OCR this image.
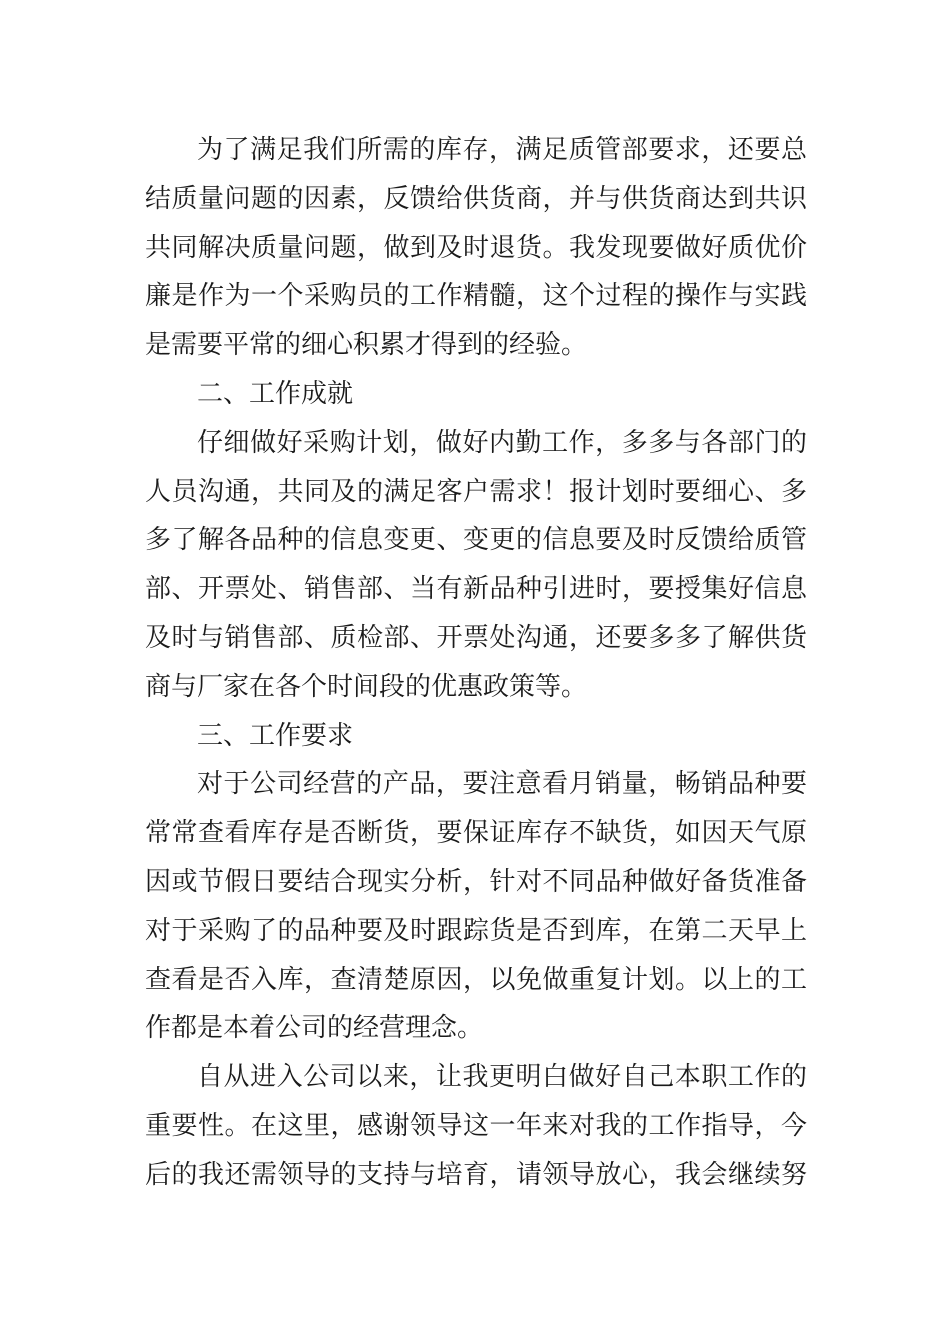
为了满足我们所需的库存，满足质管部要求，还要总
结质量问题的因素，反馈给供货商，并与供货商达到共识
共同解决质量问题，做到及时退货。我发现要做好质优价
廉是作为一个采购员的工作精髓，这个过程的操作与实践
是需要平常的细心积累才得到的经验。
二、工作成就
仔细做好采购计划，做好内勤工作，多多与各部门的
人员沟通，共同及的满足客户需求！报计划时要细心、多
多了解各品种的信息变更、变更的信息要及时反馈给质管
部、开票处、销售部、当有新品种引进时，要授集好信息
及时与销售部、质检部、开票处沟通，还要多多了解供货
商与厂家在各个时间段的优惠政策等。
三、工作要求
对于公司经营的产品，要注意看月销量，畅销品种要
常常查看库存是否断货，要保证库存不缺货，如因天气原
因或节假日要结合现实分析，针对不同品种做好备货准备
对于采购了的品种要及时跟踪货是否到库，在第二天早上
查看是否入库，查清楚原因，以免做重复计划。以上的工
作都是本着公司的经营理念。
自从进入公司以来，让我更明白做好自己本职工作的
重要性。在这里，感谢领导这一年来对我的工作指导，今
后的我还需领导的支持与培育，请领导放心，我会继续努
